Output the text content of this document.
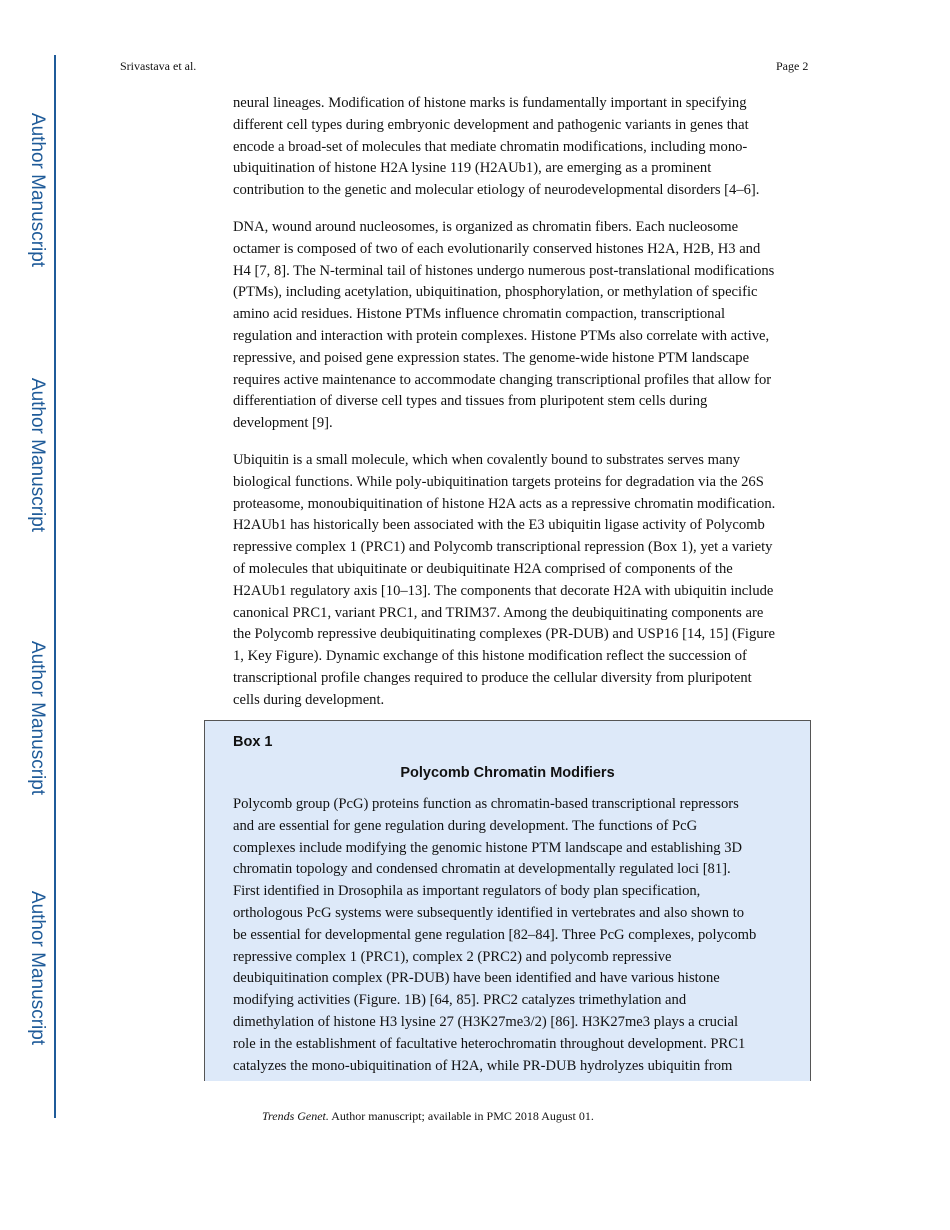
Author Manuscript
Author Manuscript
Author Manuscript
Author Manuscript
Srivastava et al.	Page 2
neural lineages. Modification of histone marks is fundamentally important in specifying
different cell types during embryonic development and pathogenic variants in genes that
encode a broad-set of molecules that mediate chromatin modifications, including mono-
ubiquitination of histone H2A lysine 119 (H2AUb1), are emerging as a prominent
contribution to the genetic and molecular etiology of neurodevelopmental disorders [4–6].
DNA, wound around nucleosomes, is organized as chromatin fibers. Each nucleosome
octamer is composed of two of each evolutionarily conserved histones H2A, H2B, H3 and
H4 [7, 8]. The N-terminal tail of histones undergo numerous post-translational modifications
(PTMs), including acetylation, ubiquitination, phosphorylation, or methylation of specific
amino acid residues. Histone PTMs influence chromatin compaction, transcriptional
regulation and interaction with protein complexes. Histone PTMs also correlate with active,
repressive, and poised gene expression states. The genome-wide histone PTM landscape
requires active maintenance to accommodate changing transcriptional profiles that allow for
differentiation of diverse cell types and tissues from pluripotent stem cells during
development [9].
Ubiquitin is a small molecule, which when covalently bound to substrates serves many
biological functions. While poly-ubiquitination targets proteins for degradation via the 26S
proteasome, monoubiquitination of histone H2A acts as a repressive chromatin modification.
H2AUb1 has historically been associated with the E3 ubiquitin ligase activity of Polycomb
repressive complex 1 (PRC1) and Polycomb transcriptional repression (Box 1), yet a variety
of molecules that ubiquitinate or deubiquitinate H2A comprised of components of the
H2AUb1 regulatory axis [10–13]. The components that decorate H2A with ubiquitin include
canonical PRC1, variant PRC1, and TRIM37. Among the deubiquitinating components are
the Polycomb repressive deubiquitinating complexes (PR-DUB) and USP16 [14, 15] (Figure
1, Key Figure). Dynamic exchange of this histone modification reflect the succession of
transcriptional profile changes required to produce the cellular diversity from pluripotent
cells during development.
Box 1
Polycomb Chromatin Modifiers
Polycomb group (PcG) proteins function as chromatin-based transcriptional repressors
and are essential for gene regulation during development. The functions of PcG
complexes include modifying the genomic histone PTM landscape and establishing 3D
chromatin topology and condensed chromatin at developmentally regulated loci [81].
First identified in Drosophila as important regulators of body plan specification,
orthologous PcG systems were subsequently identified in vertebrates and also shown to
be essential for developmental gene regulation [82–84]. Three PcG complexes, polycomb
repressive complex 1 (PRC1), complex 2 (PRC2) and polycomb repressive
deubiquitination complex (PR-DUB) have been identified and have various histone
modifying activities (Figure. 1B) [64, 85]. PRC2 catalyzes trimethylation and
dimethylation of histone H3 lysine 27 (H3K27me3/2) [86]. H3K27me3 plays a crucial
role in the establishment of facultative heterochromatin throughout development. PRC1
catalyzes the mono-ubiquitination of H2A, while PR-DUB hydrolyzes ubiquitin from
Trends Genet. Author manuscript; available in PMC 2018 August 01.
